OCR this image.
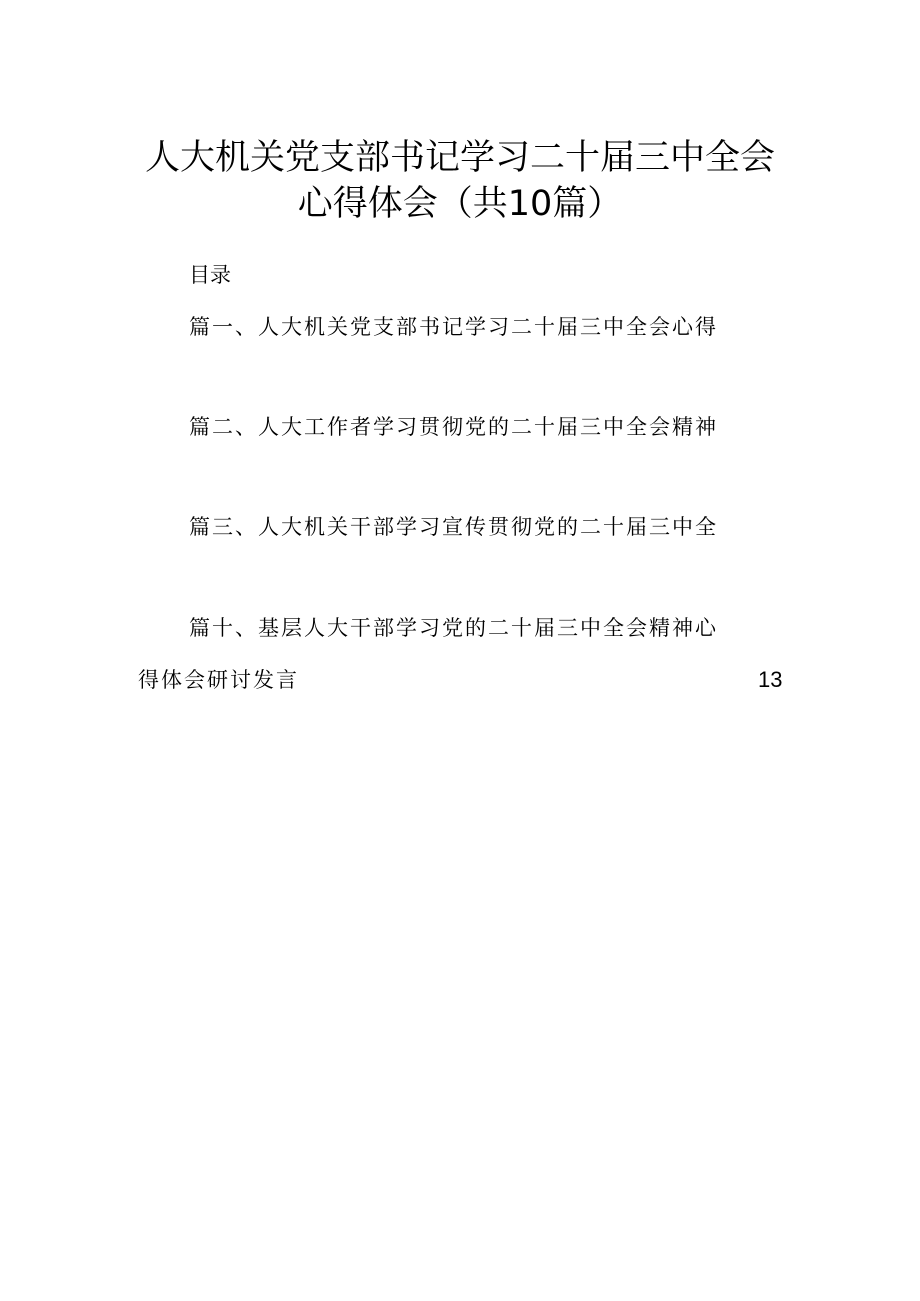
人大机关党支部书记学习二十届三中全会
心得体会（共10篇）
目录
篇一、人大机关党支部书记学习二十届三中全会心得
篇二、人大工作者学习贯彻党的二十届三中全会精神
篇三、人大机关干部学习宣传贯彻党的二十届三中全
篇十、基层人大干部学习党的二十届三中全会精神心
得体会研讨发言	13
